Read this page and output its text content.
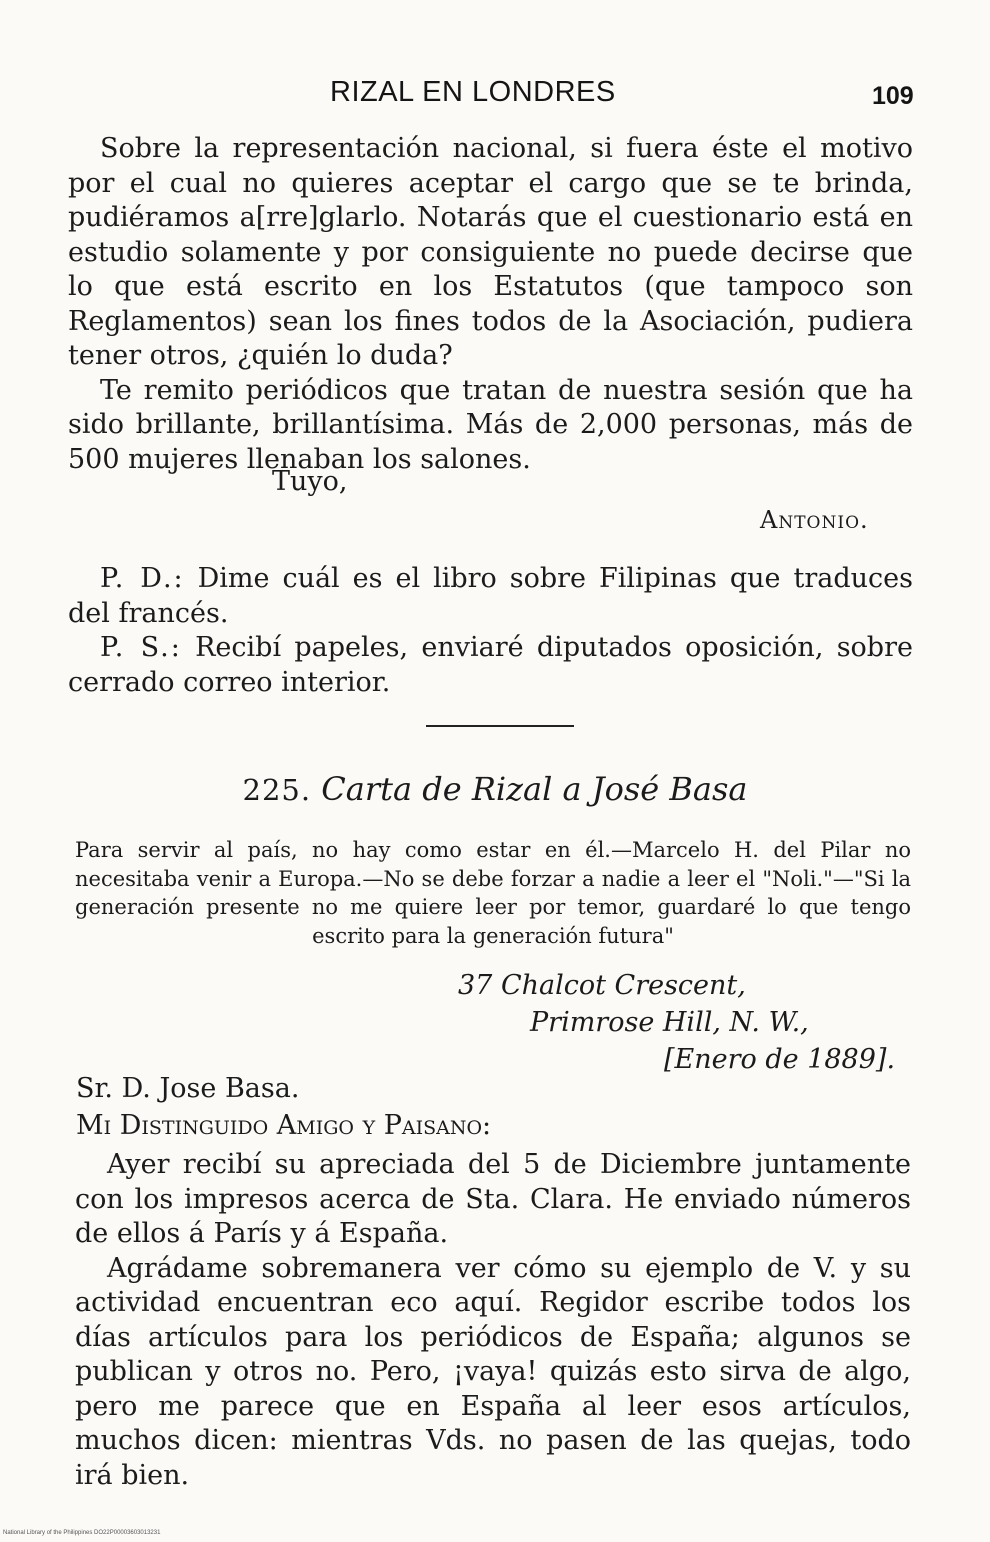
RIZAL EN LONDRES	109

Sobre la representación nacional, si fuera éste el motivo por el cual no quieres aceptar el cargo que se te brinda, pudiéramos a[rre]glarlo. Notarás que el cuestionario está en estudio solamente y por consiguiente no puede decirse que lo que está escrito en los Estatutos (que tampoco son Reglamentos) sean los fines todos de la Asociación, pudiera tener otros, ¿quién lo duda?

Te remito periódicos que tratan de nuestra sesión que ha sido brillante, brillantísima. Más de 2,000 personas, más de 500 mujeres llenaban los salones.

Tuyo,
Antonio.

P. D.: Dime cuál es el libro sobre Filipinas que traduces del francés.

P. S.: Recibí papeles, enviaré diputados oposición, sobre cerrado correo interior.

225. Carta de Rizal a José Basa
Para servir al país, no hay como estar en él.—Marcelo H. del Pilar no necesitaba venir a Europa.—No se debe forzar a nadie a leer el "Noli."—"Si la generación presente no me quiere leer por temor, guardaré lo que tengo escrito para la generación futura"
37 Chalcot Crescent,
Primrose Hill, N. W.,
[Enero de 1889].
Sr. D. Jose Basa.
Mi Distinguido Amigo y Paisano:

Ayer recibí su apreciada del 5 de Diciembre juntamente con los impresos acerca de Sta. Clara. He enviado números de ellos á París y á España.

Agrádame sobremanera ver cómo su ejemplo de V. y su actividad encuentran eco aquí. Regidor escribe todos los días artículos para los periódicos de España; algunos se publican y otros no. Pero, ¡vaya! quizás esto sirva de algo, pero me parece que en España al leer esos artículos, muchos dicen: mientras Vds. no pasen de las quejas, todo irá bien.

National Library of the Philippines DO22P00003603013231
